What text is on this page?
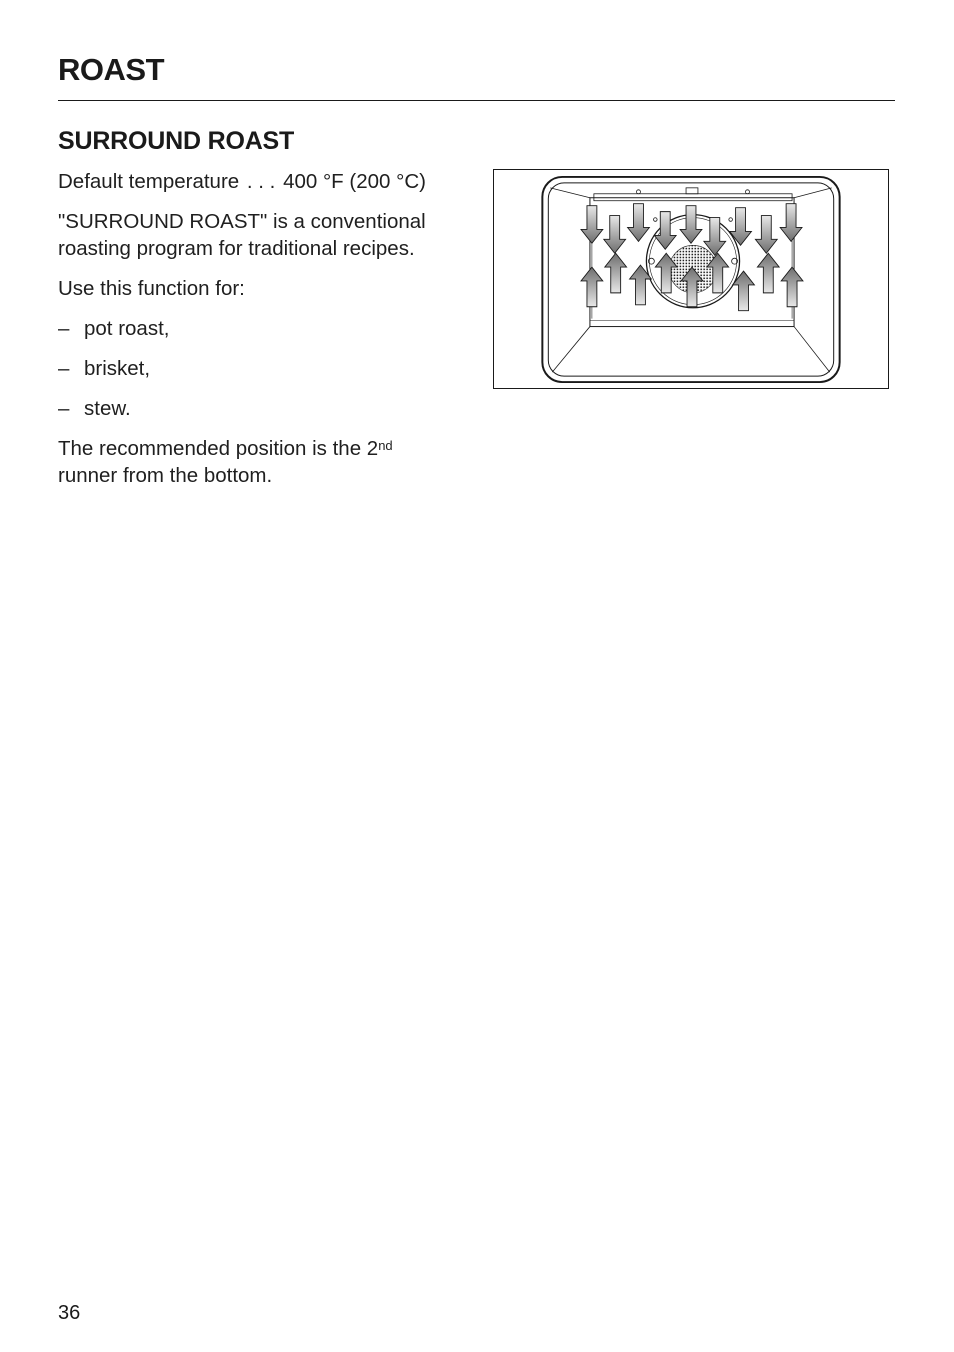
ROAST
SURROUND ROAST

Default temperature . . . 400 °F (200 °C)

"SURROUND ROAST" is a conventional roasting program for traditional recipes.

Use this function for:

– pot roast,
– brisket,
– stew.

The recommended position is the 2nd
runner from the bottom.

36
